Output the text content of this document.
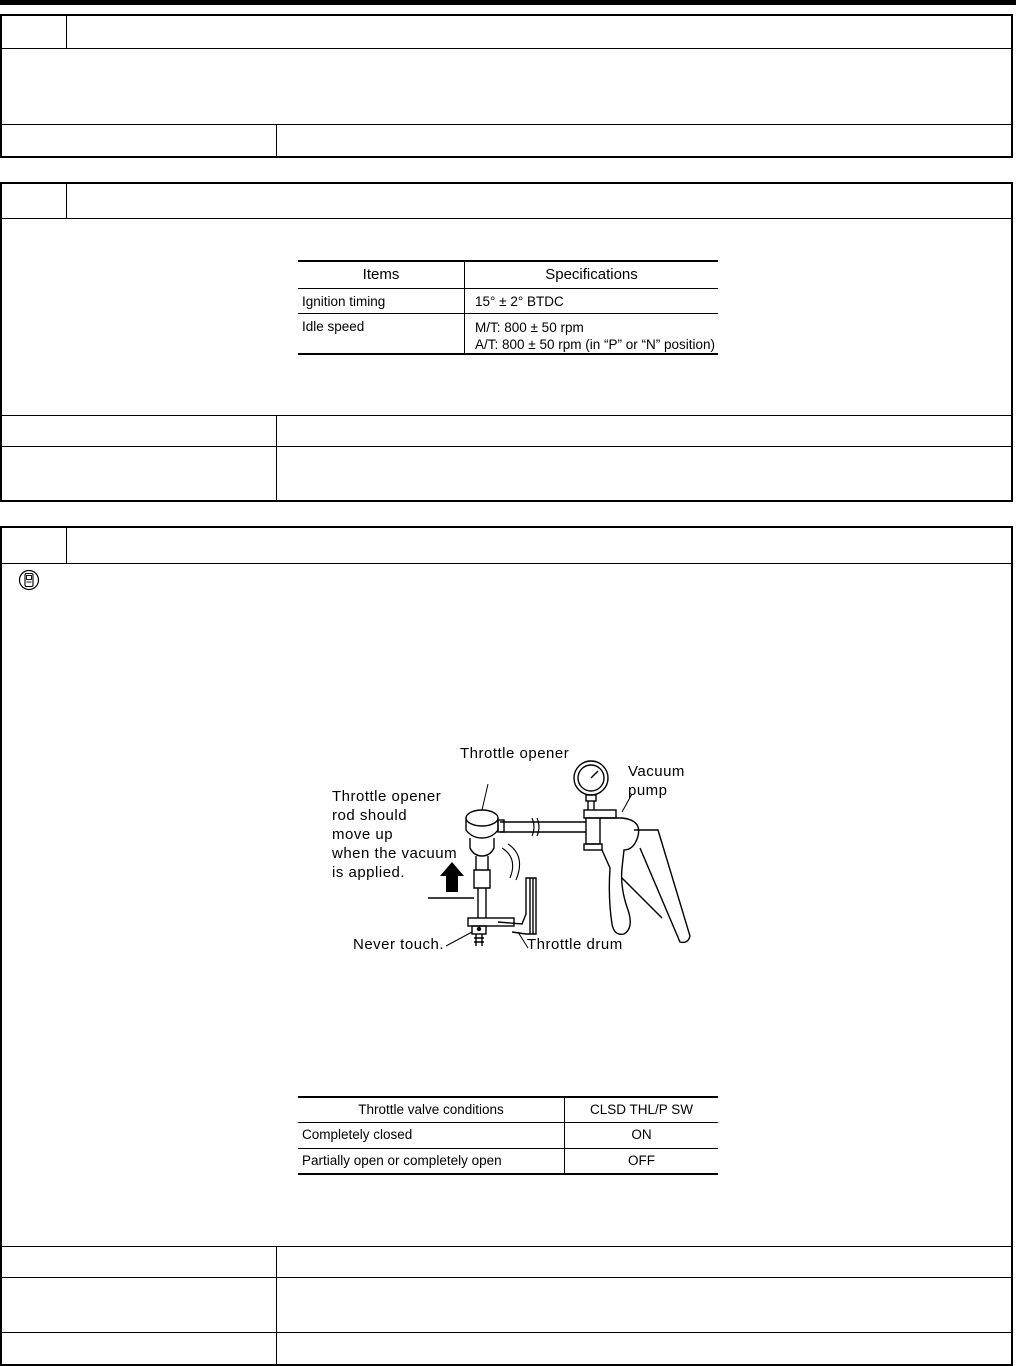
Items	Specifications
Ignition timing	15° ± 2° BTDC
Idle speed	M/T: 800 ± 50 rpm
A/T: 800 ± 50 rpm (in “P” or “N” position)
Throttle opener
Vacuum
pump
Throttle opener
rod should
move up
when the vacuum
is applied.
Never touch.	Throttle drum
Throttle valve conditions	CLSD THL/P SW
Completely closed	ON
Partially open or completely open	OFF
